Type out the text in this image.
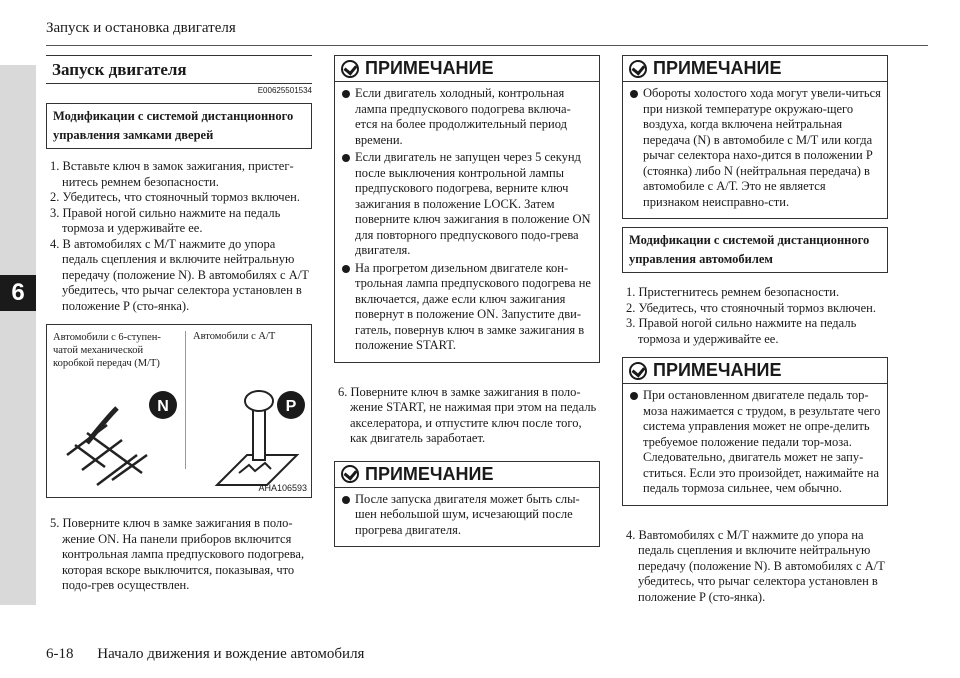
Запуск и остановка двигателя
6
Запуск двигателя
E00625501534
Модификации с системой дистанционного управления замками дверей
1. Вставьте ключ в замок зажигания, пристег-
нитесь ремнем безопасности.
2. Убедитесь, что стояночный тормоз включен.
3. Правой ногой сильно нажмите на педаль
тормоза и удерживайте ее.
4. В автомобилях с М/Т нажмите до упора
педаль сцепления и включите нейтральную передачу (положение N). В автомобилях с А/Т убедитесь, что рычаг селектора установлен в положение P (сто-янка).
Автомобили с 6-ступен-чатой механической коробкой передач (M/T)
Автомобили с A/T
N	P
AHA106593
5. Поверните ключ в замке зажигания в поло-
жение ON. На панели приборов включится контрольная лампа предпускового подогрева, которая вскоре выключится, показывая, что подо-грев осуществлен.
ПРИМЕЧАНИЕ
Если двигатель холодный, контрольная лампа предпускового подогрева включа-ется на более продолжительный период времени.
Если двигатель не запущен через 5 секунд после выключения контрольной лампы предпускового подогрева, верните ключ зажигания в положение LOCK. Затем поверните ключ зажигания в положение ON для повторного предпускового подо-грева двигателя.
На прогретом дизельном двигателе кон-трольная лампа предпускового подогрева не включается, даже если ключ зажигания повернут в положение ON. Запустите дви-гатель, повернув ключ в замке зажигания в положение START.
6. Поверните ключ в замке зажигания в поло-
жение START, не нажимая при этом на педаль акселератора, и отпустите ключ после того, как двигатель заработает.
ПРИМЕЧАНИЕ
После запуска двигателя может быть слы-шен небольшой шум, исчезающий после прогрева двигателя.
ПРИМЕЧАНИЕ
Обороты холостого хода могут увели-читься при низкой температуре окружаю-щего воздуха, когда включена нейтральная передача (N) в автомобиле с М/Т или когда рычаг селектора нахо-дится в положении P (стоянка) либо N (нейтральная передача) в автомобиле с А/Т. Это не является признаком неисправно-сти.
Модификации с системой дистанционного управления автомобилем
1. Пристегнитесь ремнем безопасности.
2. Убедитесь, что стояночный тормоз включен.
3. Правой ногой сильно нажмите на педаль
тормоза и удерживайте ее.
ПРИМЕЧАНИЕ
При остановленном двигателе педаль тор-моза нажимается с трудом, в результате чего система управления может не опре-делить требуемое положение педали тор-моза. Следовательно, двигатель может не запу-ститься. Если это произойдет, нажимайте на педаль тормоза сильнее, чем обычно.
4. Вавтомобилях с М/Т нажмите до упора на
педаль сцепления и включите нейтральную передачу (положение N). В автомобилях с А/Т убедитесь, что рычаг селектора установлен в положение P (сто-янка).
6-18 Начало движения и вождение автомобиля
